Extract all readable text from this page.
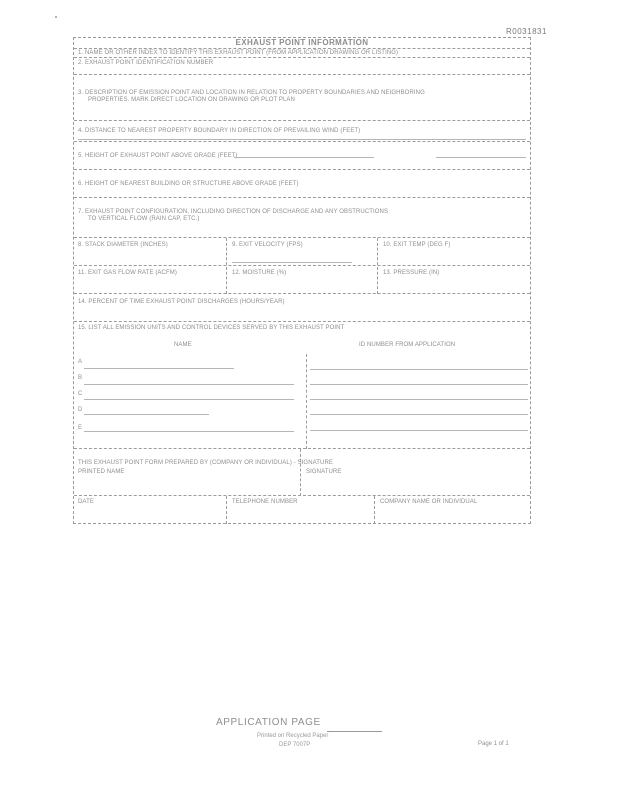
R0031831
EXHAUST POINT INFORMATION
1. NAME OR OTHER INDEX TO IDENTIFY THIS EXHAUST POINT (FROM APPLICATION DRAWING OR LISTING)
2. EXHAUST POINT IDENTIFICATION NUMBER
3. DESCRIPTION OF EMISSION POINT AND LOCATION IN RELATION TO PROPERTY BOUNDARIES AND NEIGHBORING
PROPERTIES. MARK DIRECT LOCATION ON DRAWING OR PLOT PLAN
4. DISTANCE TO NEAREST PROPERTY BOUNDARY IN DIRECTION OF PREVAILING WIND (FEET)
5. HEIGHT OF EXHAUST POINT ABOVE GRADE (FEET)
6. HEIGHT OF NEAREST BUILDING OR STRUCTURE ABOVE GRADE (FEET)
7. EXHAUST POINT CONFIGURATION, INCLUDING DIRECTION OF DISCHARGE AND ANY OBSTRUCTIONS
TO VERTICAL FLOW (RAIN CAP, ETC.)
8. STACK DIAMETER (INCHES)	9. EXIT VELOCITY (FPS)	10. EXIT TEMP (DEG F)
11. EXIT GAS FLOW RATE (ACFM)	12. MOISTURE (%)	13. PRESSURE (IN)
14. PERCENT OF TIME EXHAUST POINT DISCHARGES (HOURS/YEAR)
15. LIST ALL EMISSION UNITS AND CONTROL DEVICES SERVED BY THIS EXHAUST POINT
NAME	ID NUMBER FROM APPLICATION
A
B
C
D
E
THIS EXHAUST POINT FORM PREPARED BY (COMPANY OR INDIVIDUAL) - SIGNATURE
PRINTED NAME	SIGNATURE
DATE	TELEPHONE NUMBER	COMPANY NAME OR INDIVIDUAL
APPLICATION PAGE
Printed on Recycled Paper
DEP 7007P	Page 1 of 1
